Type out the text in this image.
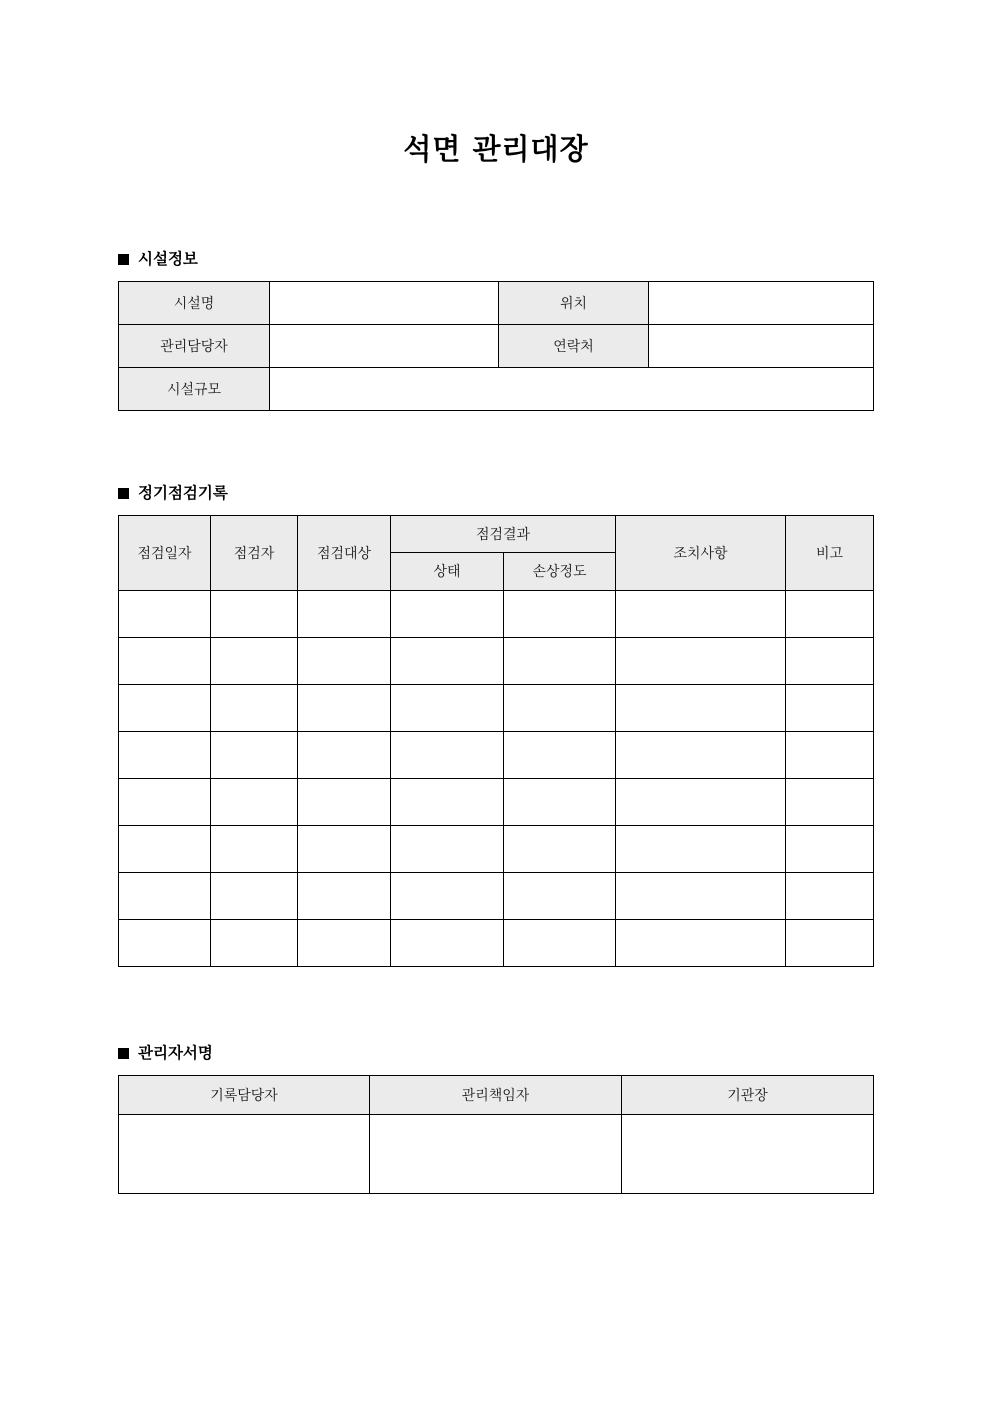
석면 관리대장
시설정보
시설명		위치	
관리담당자		연락처	
시설규모			
정기점검기록
점검일자	점검자	점검대상	점검결과		조치사항	비고
			상태	손상정도		

관리자서명
기록담당자	관리책임자	기관장
